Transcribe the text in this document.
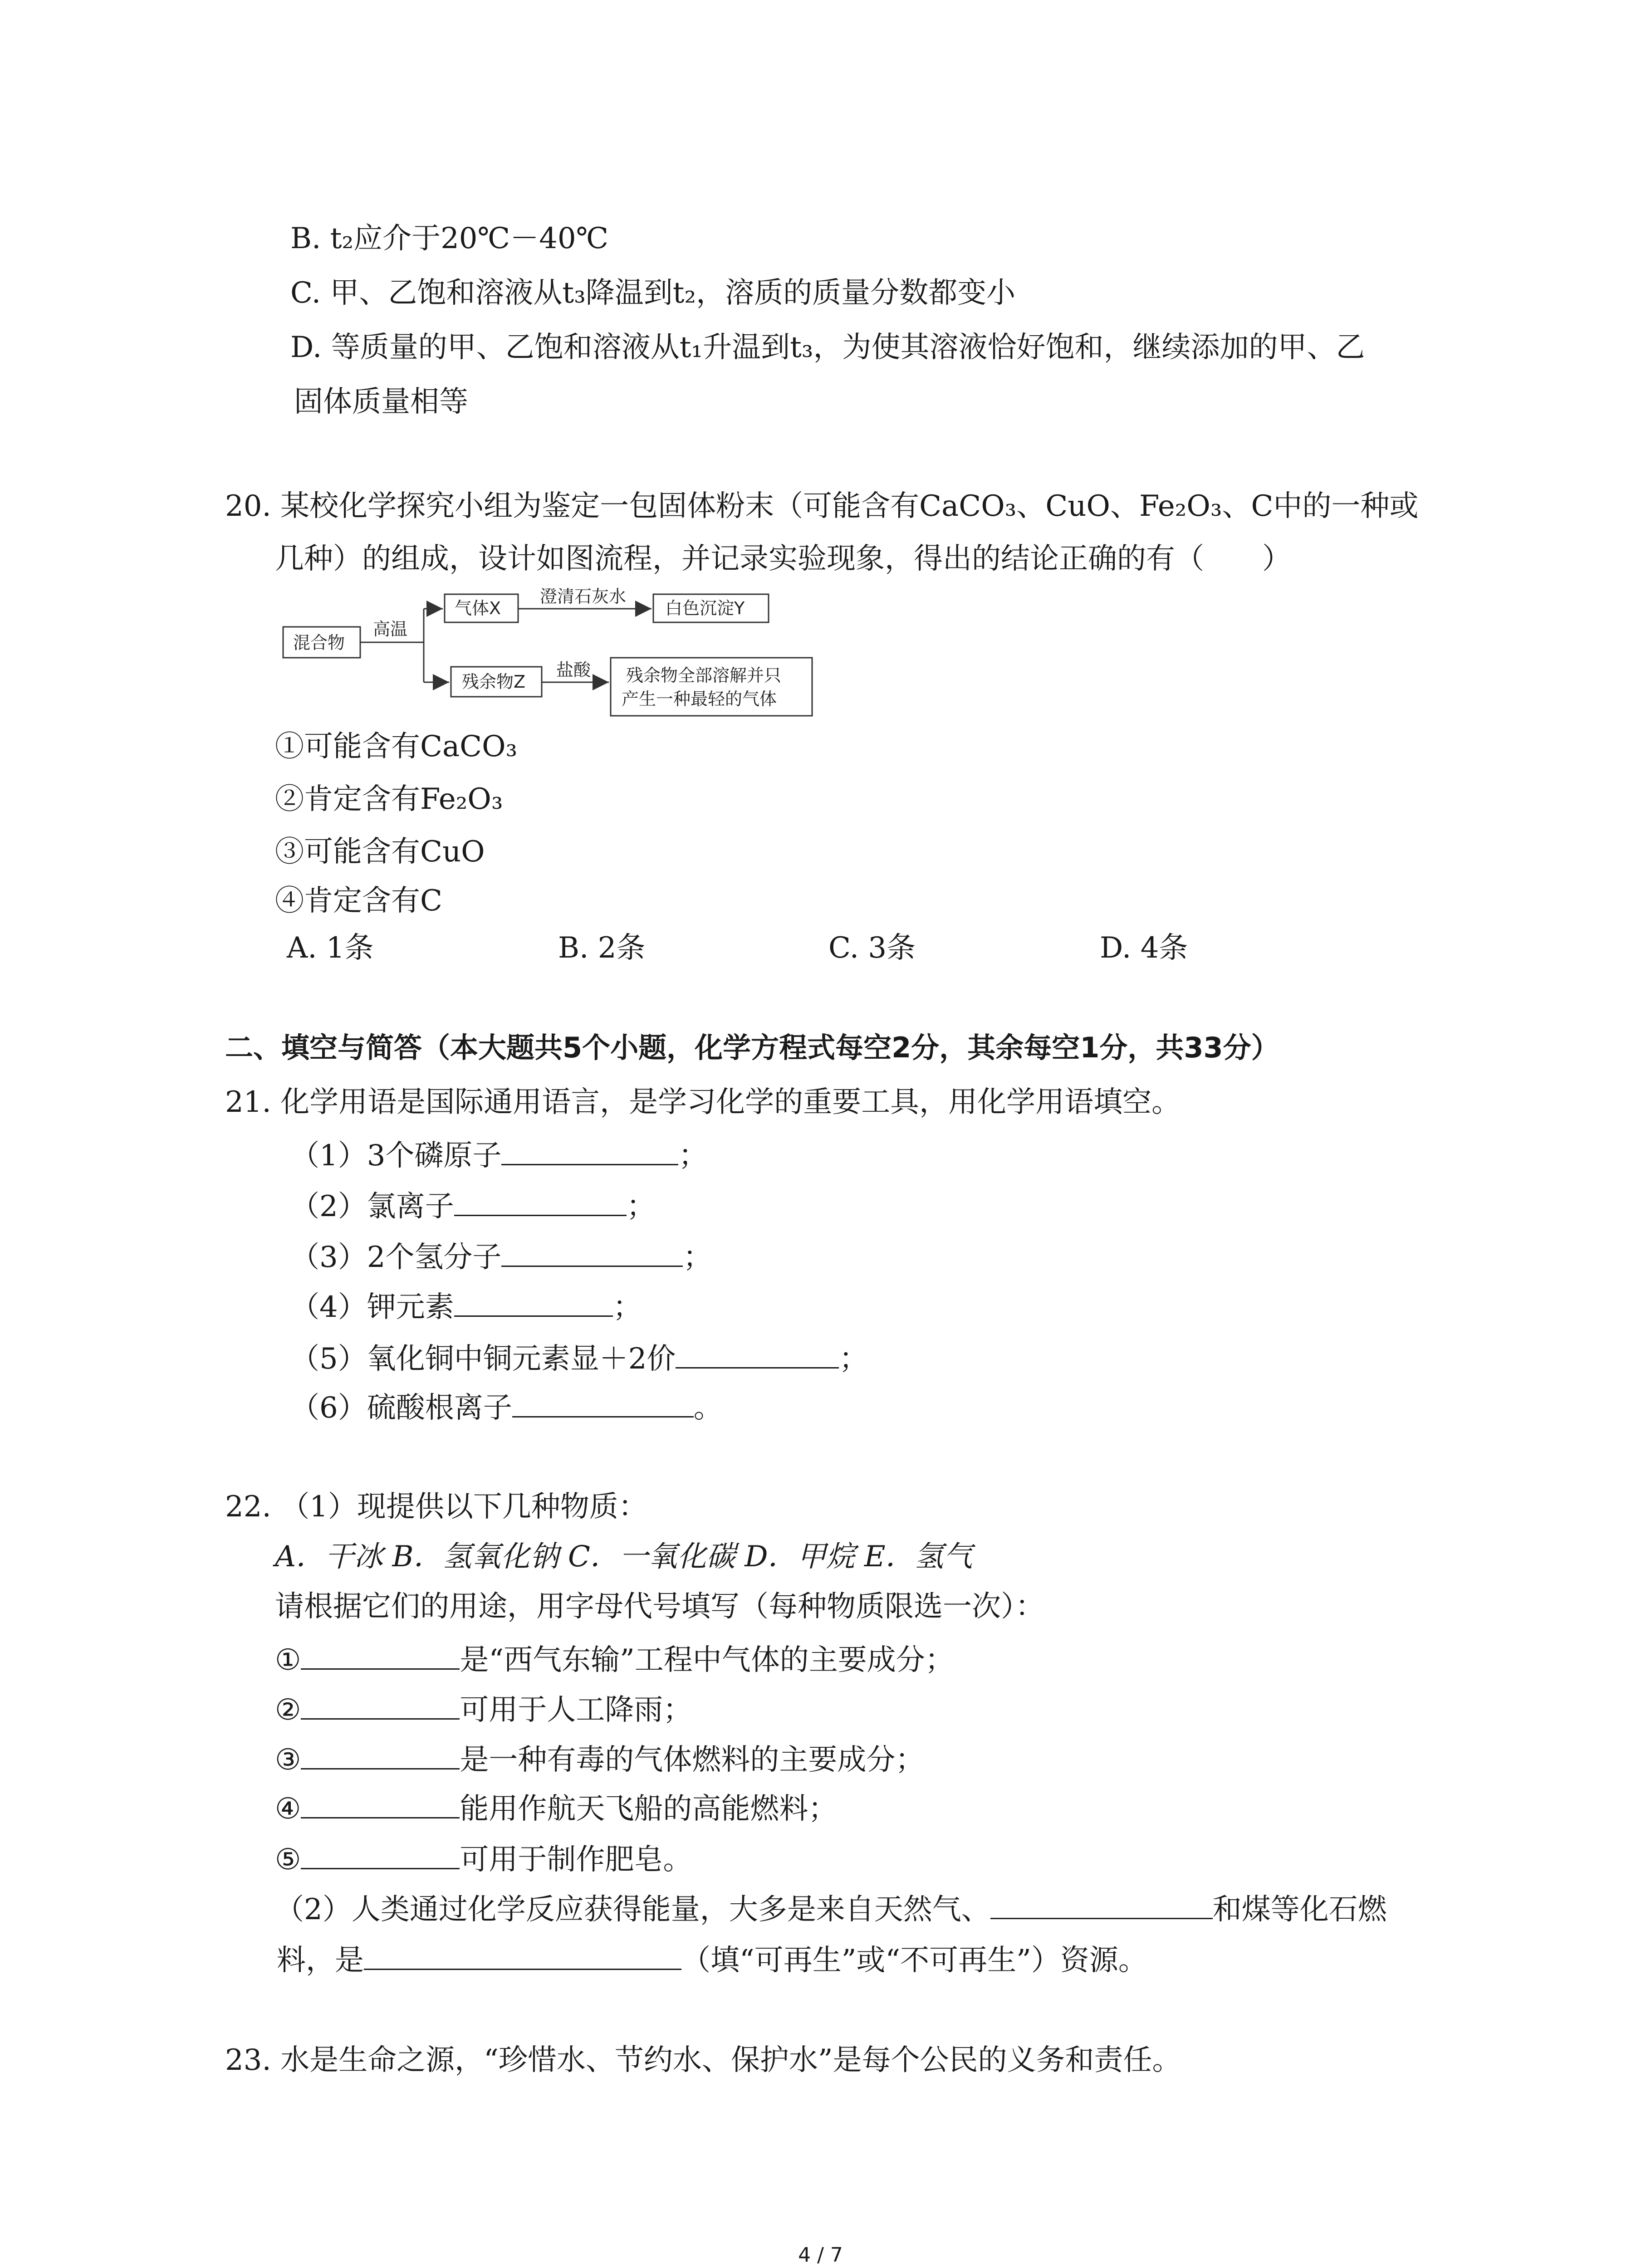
B. t₂应介于20℃－40℃
C. 甲、乙饱和溶液从t₃降温到t₂，溶质的质量分数都变小
D. 等质量的甲、乙饱和溶液从t₁升温到t₃，为使其溶液恰好饱和，继续添加的甲、乙
固体质量相等
20. 某校化学探究小组为鉴定一包固体粉末（可能含有CaCO₃、CuO、Fe₂O₃、C中的一种或
几种）的组成，设计如图流程，并记录实验现象，得出的结论正确的有（　　）
混合物
高温
气体X
澄清石灰水
白色沉淀Y
残余物Z
盐酸 残余物全部溶解并只
产生一种最轻的气体
①可能含有CaCO₃
②肯定含有Fe₂O₃
③可能含有CuO
④肯定含有C
A. 1条	B. 2条	C. 3条	D. 4条
二、填空与简答（本大题共5个小题，化学方程式每空2分，其余每空1分，共33分）
21. 化学用语是国际通用语言，是学习化学的重要工具，用化学用语填空。
（1）3个磷原子	；
（2）氯离子	；
（3）2个氢分子	；
（4）钾元素	；
（5）氧化铜中铜元素显＋2价	；
（6）硫酸根离子	。
22. （1）现提供以下几种物质：
A．干冰 B．氢氧化钠 C．一氧化碳 D．甲烷 E．氢气
请根据它们的用途，用字母代号填写（每种物质限选一次）：
①	是“西气东输”工程中气体的主要成分；
②	可用于人工降雨；
③	是一种有毒的气体燃料的主要成分；
④	能用作航天飞船的高能燃料；
⑤	可用于制作肥皂。
（2）人类通过化学反应获得能量，大多是来自天然气、	和煤等化石燃
料，是	（填“可再生”或“不可再生”）资源。
23. 水是生命之源，“珍惜水、节约水、保护水”是每个公民的义务和责任。
4 / 7
